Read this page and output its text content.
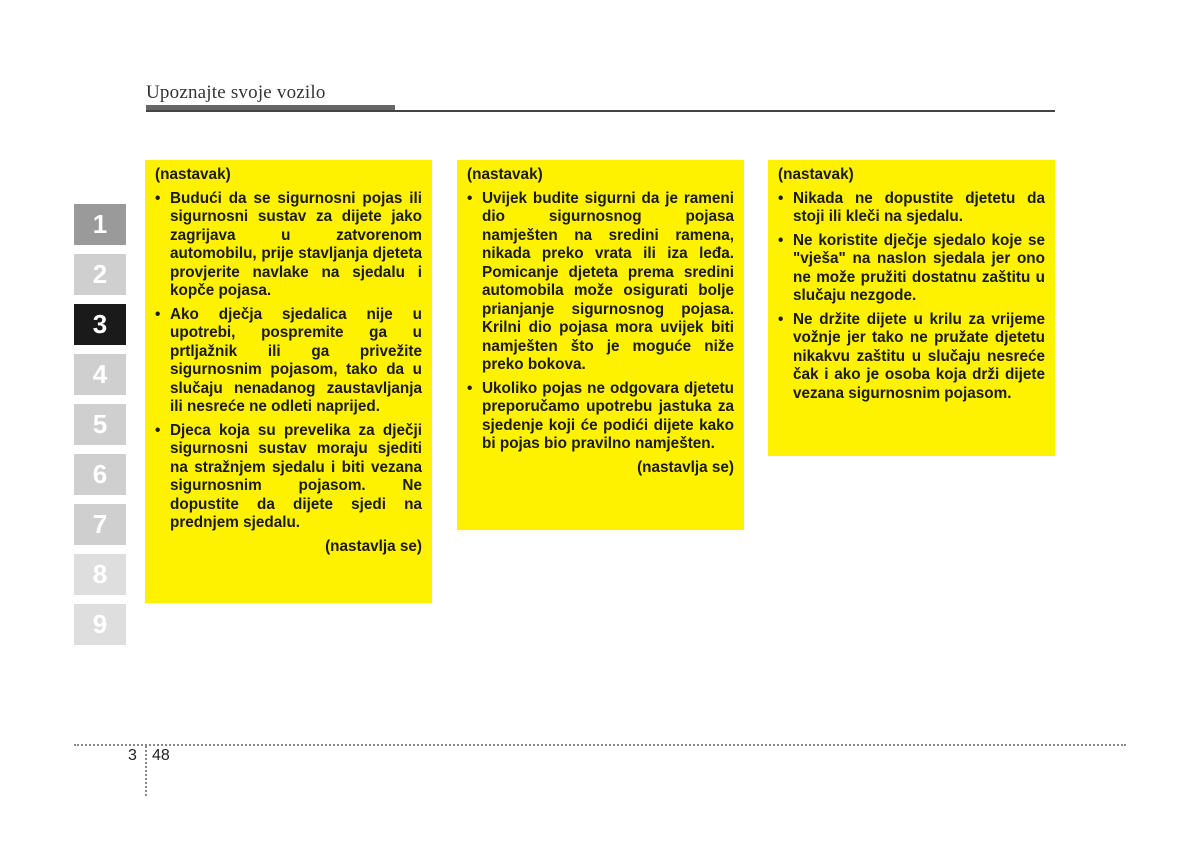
Upoznajte svoje vozilo
1
2
3
4
5
6
7
8
9
(nastavak)
• Budući da se sigurnosni pojas ili sigurnosni sustav za dijete jako zagrijava u zatvorenom automobilu, prije stavljanja djeteta provjerite navlake na sjedalu i kopče pojasa.
• Ako dječja sjedalica nije u upotrebi, pospremite ga u prtljažnik ili ga privežite sigurnosnim pojasom, tako da u slučaju nenadanog zaustavljanja ili nesreće ne odleti naprijed.
• Djeca koja su prevelika za dječji sigurnosni sustav moraju sjediti na stražnjem sjedalu i biti vezana sigurnosnim pojasom. Ne dopustite da dijete sjedi na prednjem sjedalu.
(nastavlja se)
(nastavak)
• Uvijek budite sigurni da je rameni dio sigurnosnog pojasa namješten na sredini ramena, nikada preko vrata ili iza leđa. Pomicanje djeteta prema sredini automobila može osigurati bolje prianjanje sigurnosnog pojasa. Krilni dio pojasa mora uvijek biti namješten što je moguće niže preko bokova.
• Ukoliko pojas ne odgovara djetetu preporučamo upotrebu jastuka za sjedenje koji će podići dijete kako bi pojas bio pravilno namješten.
(nastavlja se)
(nastavak)
• Nikada ne dopustite djetetu da stoji ili kleči na sjedalu.
• Ne koristite dječje sjedalo koje se "vješa" na naslon sjedala jer ono ne može pružiti dostatnu zaštitu u slučaju nezgode.
• Ne držite dijete u krilu za vrijeme vožnje jer tako ne pružate djetetu nikakvu zaštitu u slučaju nesreće čak i ako je osoba koja drži dijete vezana sigurnosnim pojasom.
3 48
